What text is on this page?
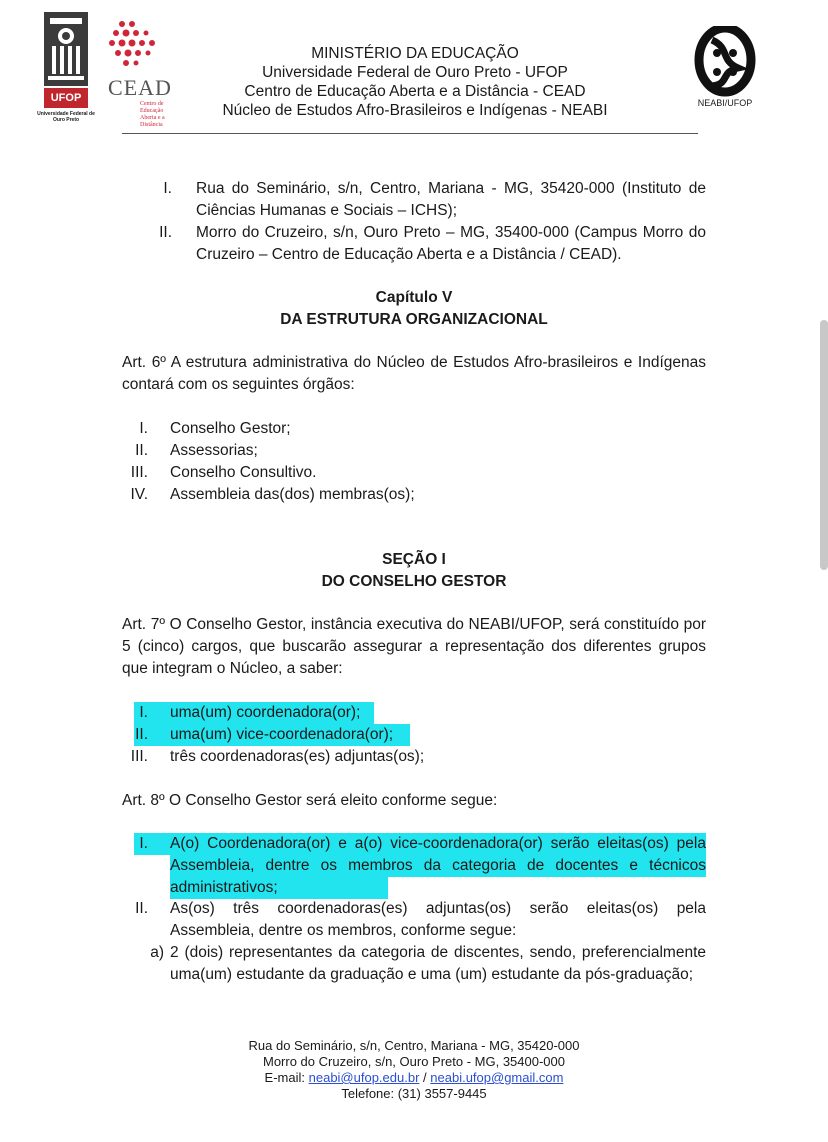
UFOP
Universidade Federal de Ouro Preto
CEAD
Centro de Educação Aberta e a Distância
MINISTÉRIO DA EDUCAÇÃO
Universidade Federal de Ouro Preto - UFOP
Centro de Educação Aberta e a Distância - CEAD
Núcleo de Estudos Afro-Brasileiros e Indígenas - NEABI	NEABI/UFOP
I. Rua do Seminário, s/n, Centro, Mariana - MG, 35420-000 (Instituto de Ciências Humanas e Sociais – ICHS);
II. Morro do Cruzeiro, s/n, Ouro Preto – MG, 35400-000 (Campus Morro do Cruzeiro – Centro de Educação Aberta e a Distância / CEAD).
Capítulo V
DA ESTRUTURA ORGANIZACIONAL
Art. 6º A estrutura administrativa do Núcleo de Estudos Afro-brasileiros e Indígenas contará com os seguintes órgãos:
I. Conselho Gestor;
II. Assessorias;
III. Conselho Consultivo.
IV. Assembleia das(dos) membras(os);
SEÇÃO I
DO CONSELHO GESTOR
Art. 7º O Conselho Gestor, instância executiva do NEABI/UFOP, será constituído por 5 (cinco) cargos, que buscarão assegurar a representação dos diferentes grupos que integram o Núcleo, a saber:
I. uma(um) coordenadora(or);
II. uma(um) vice-coordenadora(or);
III. três coordenadoras(es) adjuntas(os);
Art. 8º O Conselho Gestor será eleito conforme segue:
I. A(o) Coordenadora(or) e a(o) vice-coordenadora(or) serão eleitas(os) pela Assembleia, dentre os membros da categoria de docentes e técnicos administrativos;
II. As(os) três coordenadoras(es) adjuntas(os) serão eleitas(os) pela Assembleia, dentre os membros, conforme segue:
a) 2 (dois) representantes da categoria de discentes, sendo, preferencialmente uma(um) estudante da graduação e uma (um) estudante da pós-graduação;
Rua do Seminário, s/n, Centro, Mariana - MG, 35420-000
Morro do Cruzeiro, s/n, Ouro Preto - MG, 35400-000
E-mail: neabi@ufop.edu.br / neabi.ufop@gmail.com
Telefone: (31) 3557-9445
